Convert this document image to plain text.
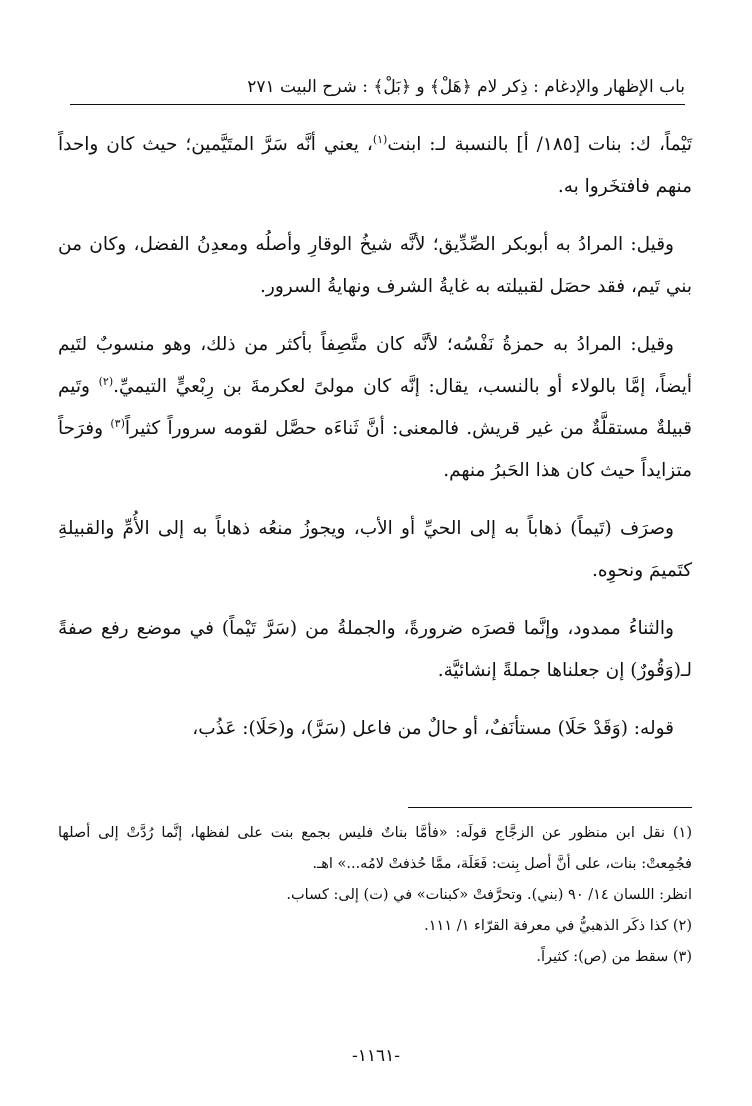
باب الإظهار والإدغام : ذِكر لام ﴿هَلْ﴾ و ﴿بَلْ﴾ : شرح البيت ٢٧١

تَيْماً، ك: بنات [١٨٥/ أ] بالنسبة لـ: ابنت$^{(١)}$، يعني أنَّه سَرَّ المتَيَّمين؛ حيث كان واحداً منهم فافتخَروا به.

وقيل: المرادُ به أبوبكر الصِّدِّيق؛ لأنَّه شيخُ الوقارِ وأصلُه ومعدِنُ الفضل، وكان من بني تَيم، فقد حصَل لقبيلته به غايةُ الشرف ونهايةُ السرور.

وقيل: المرادُ به حمزةُ نَفْسُه؛ لأنَّه كان متَّصِفاً بأكثر من ذلك، وهو منسوبٌ لتَيم أيضاً، إمَّا بالولاء أو بالنسب، يقال: إنَّه كان مولىً لعكرمةَ بن رِبْعيٍّ التيميِّ.$^{(٢)}$ وتَيم قبيلةٌ مستقلَّةٌ من غير قريش. فالمعنى: أنَّ ثَناءَه حصَّل لقومه سروراً كثيراً$^{(٣)}$ وفرَحاً متزايداً حيث كان هذا الحَبرُ منهم.

وصرَف (تَيماً) ذهاباً به إلى الحيِّ أو الأب، ويجوزُ منعُه ذهاباً به إلى الأُمِّ والقبيلةِ كتَميمَ ونحوِه.

والثناءُ ممدود، وإنَّما قصرَه ضرورةً، والجملةُ من (سَرَّ تَيْماً) في موضع رفع صفةً لـ(وَقُورٌ) إن جعلناها جملةً إنشائيَّة.

قوله: (وَقَدْ حَلَا) مستأنَفٌ، أو حالٌ من فاعل (سَرَّ)، و(حَلَا): عَذُب،

(١) نقل ابن منظور عن الزجَّاج قولَه: «فأمَّا بناتٌ فليس بجمع بنت على لفظها، إنَّما رُدَّتْ إلى أصلها فجُمِعتْ: بنات، على أنَّ أصل بِنت: فَعَلَة، ممَّا حُذفتْ لامُه...» اهـ.

انظر: اللسان ١٤/ ٩٠ (بني). وتحرَّفتْ «كبنات» في (ت) إلى: كساب.

(٢) كذا ذكَر الذهبيُّ في معرفة القرّاء ١/ ١١١.

(٣) سقط من (ص): كثيراً.

-١١٦١-
